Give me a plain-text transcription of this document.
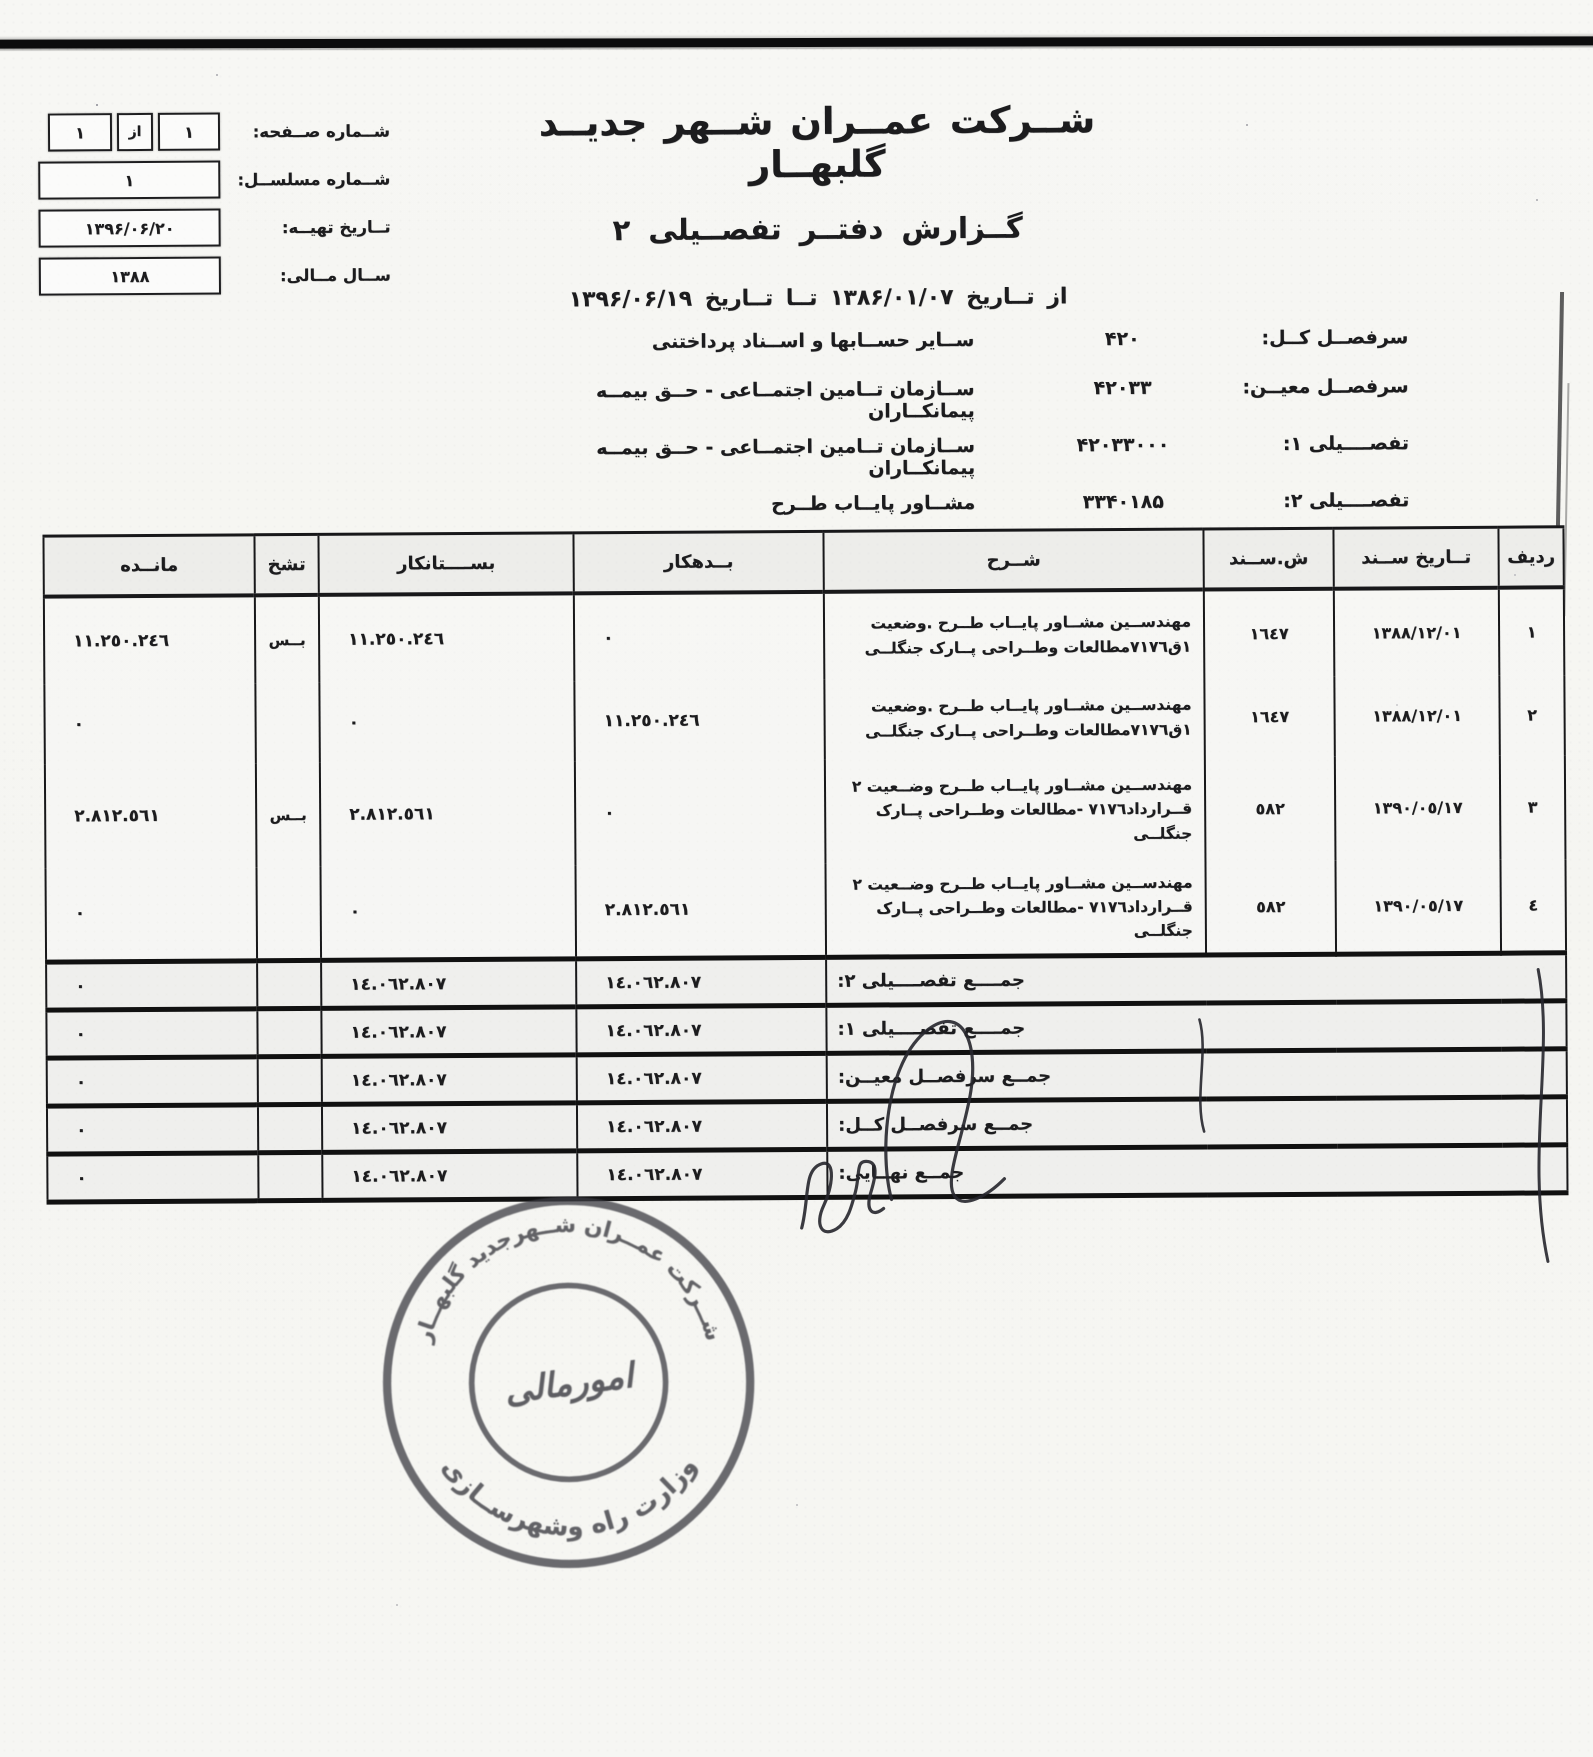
شــماره صــفحه:
۱
از
۱
شــماره مسلســل:
۱
تــاریخ تهیــه:
۱۳۹۶/۰۶/۲۰
ســال مــالی:
۱۳۸۸
شــرکت عمــران شــهر جدیــد گلبهــار
گــزارش دفتــر تفصــیلی ۲
از تــاریخ ۱۳۸۶/۰۱/۰۷ تــا تــاریخ ۱۳۹۶/۰۶/۱۹
سرفصــل کــل:
۴۲۰
ســایر حســابها و اســناد پرداختنی
سرفصــل معیــن:
۴۲۰۳۳
ســازمان تــامین اجتمــاعی - حــق بیمــه پیمانکــاران
تفصــــیلی ۱:
۴۲۰۳۳۰۰۰
ســازمان تــامین اجتمــاعی - حــق بیمــه پیمانکــاران
تفصــــیلی ۲:
۳۳۴۰۱۸۵
مشــاور پایــاب طــرح
ردیف	تــاریخ ســند	ش.ســند	شــرح	بــدهکار	بســــتانکار	تشخ	مانــده
١	١٣٨٨/١٢/٠١	١٦٤٧	مهندســین مشــاور پایــاب طــرح .وضعیت ١ق٧١٧٦مطالعات وطــراحی پــارک جنگلــی	٠	١١.٢٥٠.٢٤٦	بــس	١١.٢٥٠.٢٤٦
٢	١٣٨٨/١٢/٠١	١٦٤٧	مهندســین مشــاور پایــاب طــرح .وضعیت ١ق٧١٧٦مطالعات وطــراحی پــارک جنگلــی	١١.٢٥٠.٢٤٦	٠		٠
٣	١٣٩٠/٠٥/١٧	٥٨٢	مهندســین مشــاور پایــاب طــرح وضــعیت ٢ قــرارداد٧١٧٦ -مطالعات وطــراحی پــارک جنگلــی	٠	٢.٨١٢.٥٦١	بــس	٢.٨١٢.٥٦١
٤	١٣٩٠/٠٥/١٧	٥٨٢	مهندســین مشــاور پایــاب طــرح وضــعیت ٢ قــرارداد٧١٧٦ -مطالعات وطــراحی پــارک جنگلــی	٢.٨١٢.٥٦١	٠		٠
جمــــع تفصــــیلی ۲:				١٤.٠٦٢.٨٠٧	١٤.٠٦٢.٨٠٧		٠
جمــــع تفصــــیلی ۱:				١٤.٠٦٢.٨٠٧	١٤.٠٦٢.٨٠٧		٠
جمــع سرفصــل معیــن:				١٤.٠٦٢.٨٠٧	١٤.٠٦٢.٨٠٧		٠
جمــع سرفصــل کــل:				١٤.٠٦٢.٨٠٧	١٤.٠٦٢.٨٠٧		٠
جمــع نهــایی:				١٤.٠٦٢.٨٠٧	١٤.٠٦٢.٨٠٧		٠
وزارت راه وشهرســازی
شــرکت عمــران شــهرجدید گلبهــار
امورمالی
